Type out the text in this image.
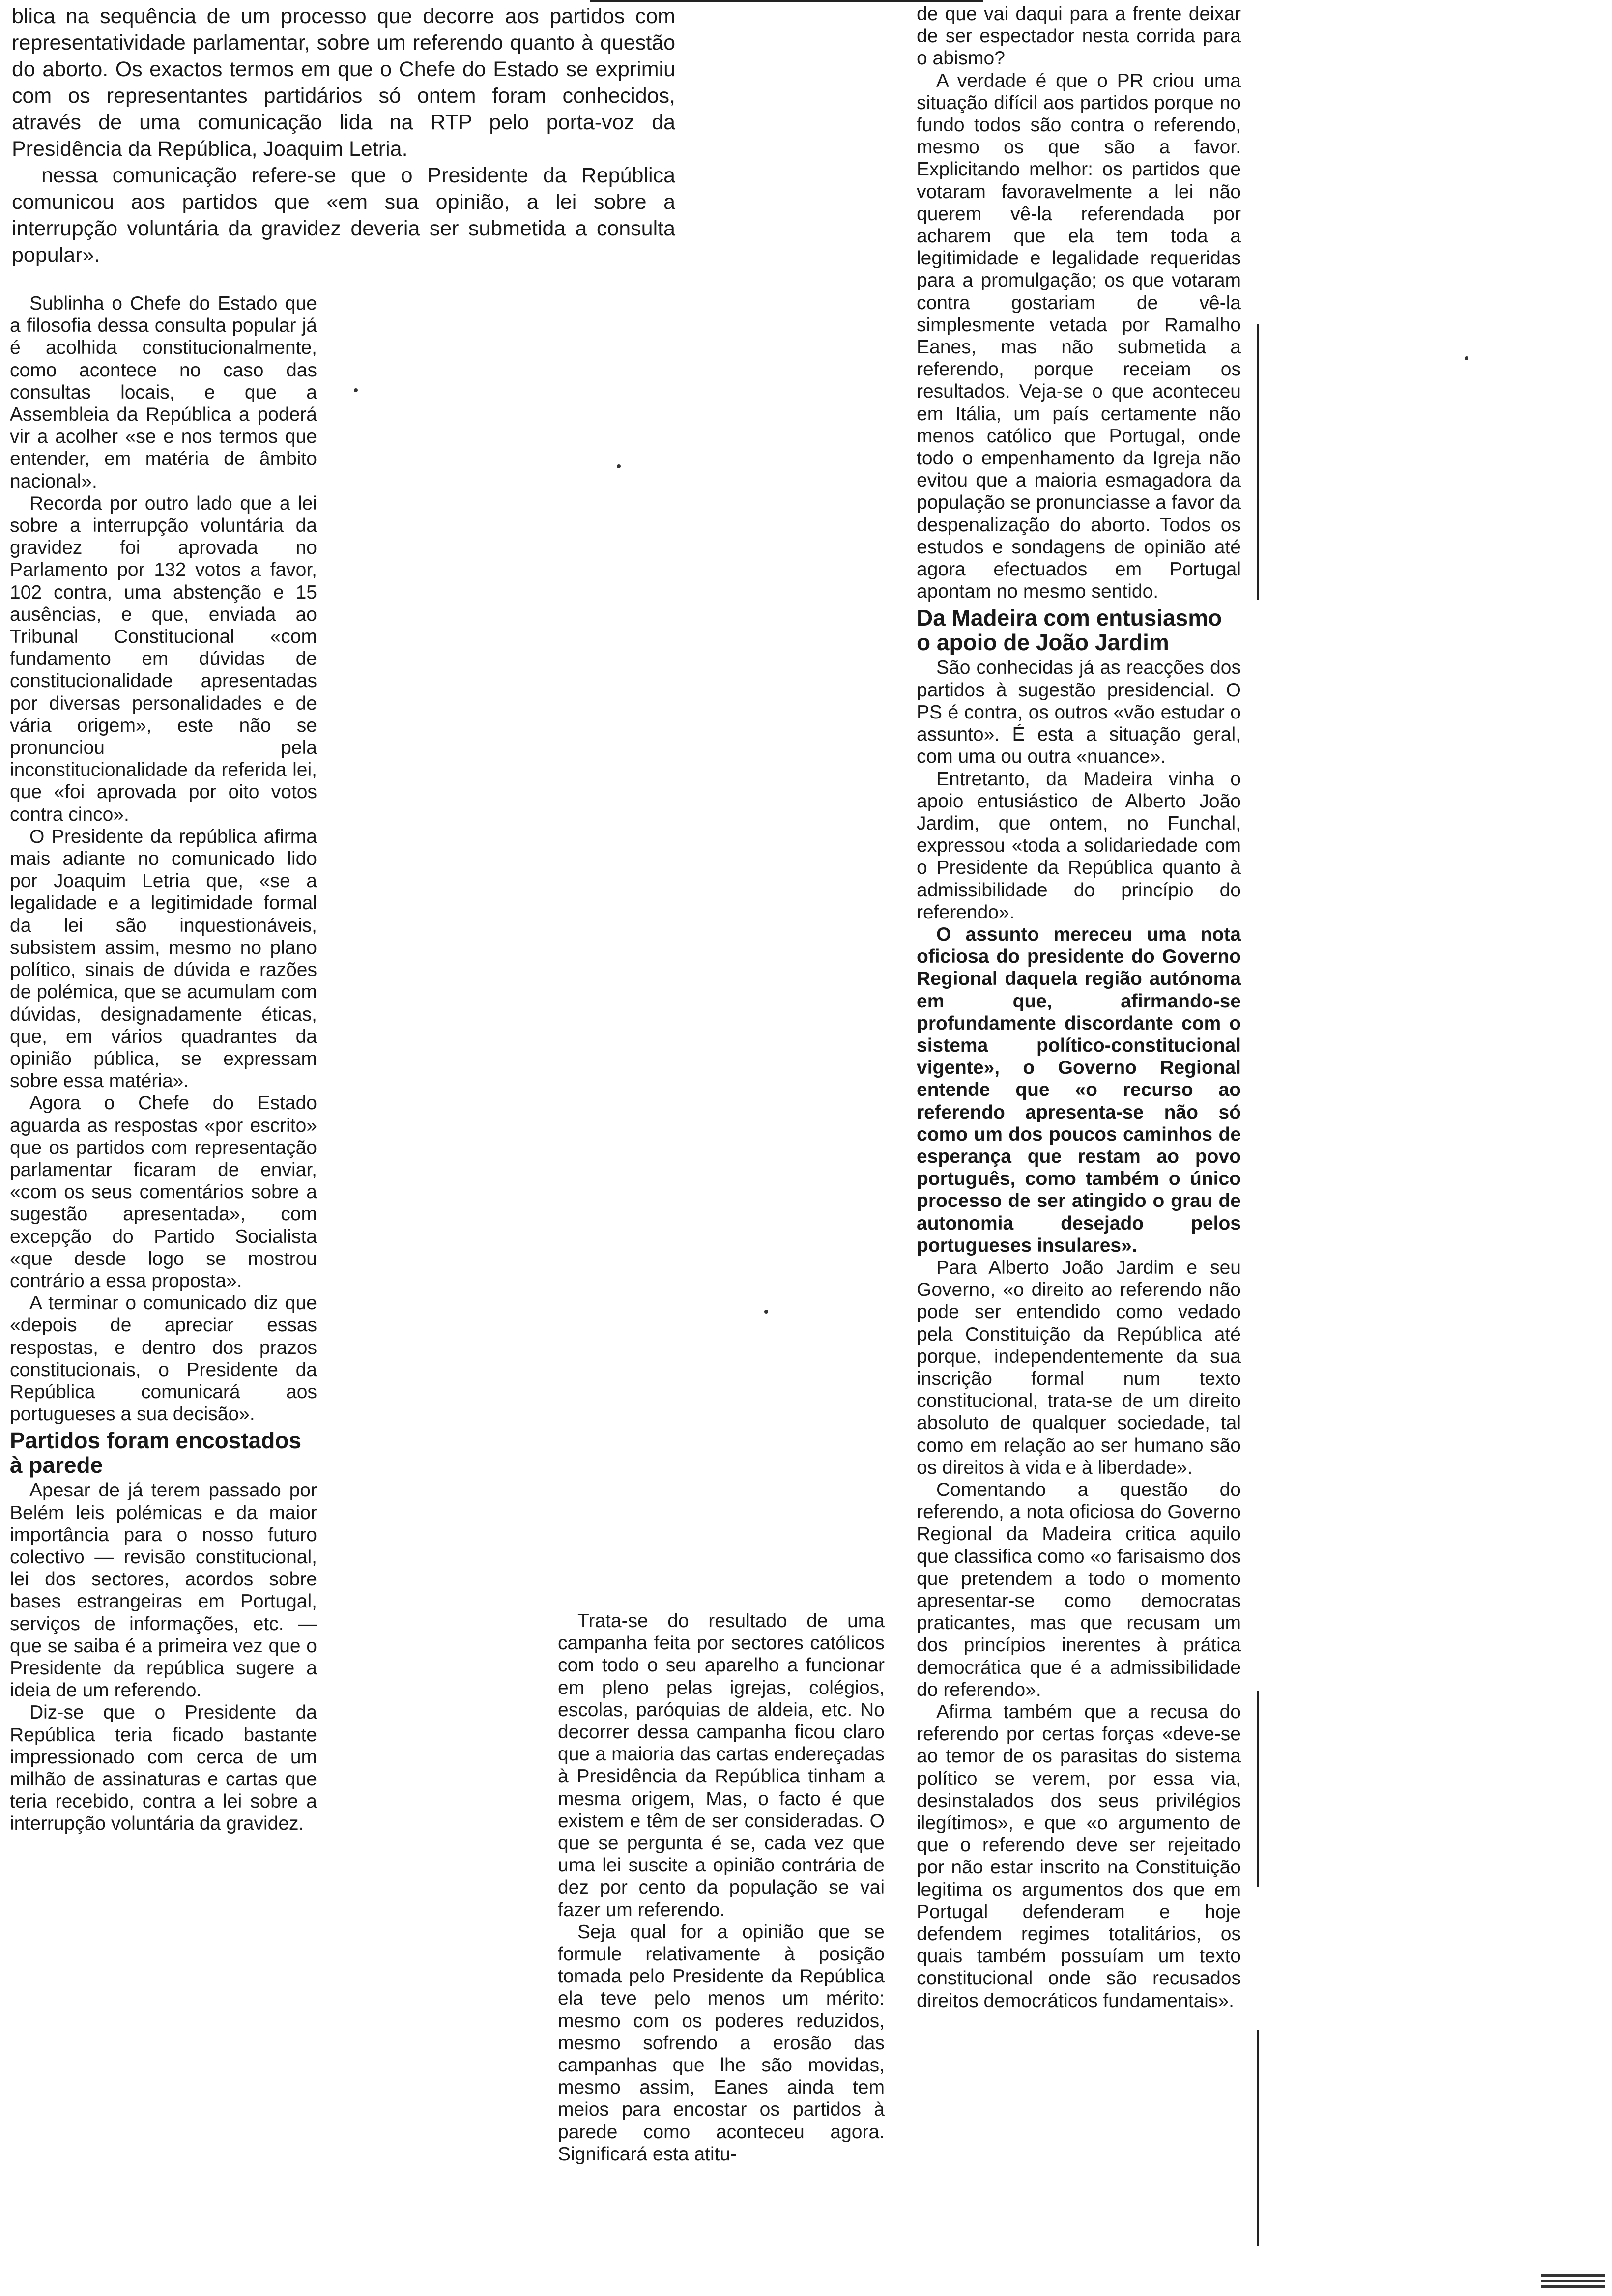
blica na sequência de um processo que decorre aos partidos com representatividade parlamentar, sobre um referendo quanto à questão do aborto. Os exactos termos em que o Chefe do Estado se exprimiu com os representantes partidários só ontem foram conhecidos, através de uma comunicação lida na RTP pelo porta-voz da Presidência da República, Joaquim Letria.

nessa comunicação refere-se que o Presidente da República comunicou aos partidos que «em sua opinião, a lei sobre a interrupção voluntária da gravidez deveria ser submetida a consulta popular».

Sublinha o Chefe do Estado que a filosofia dessa consulta popular já é acolhida constitucionalmente, como acontece no caso das consultas locais, e que a Assembleia da República a poderá vir a acolher «se e nos termos que entender, em matéria de âmbito nacional».

Recorda por outro lado que a lei sobre a interrupção voluntária da gravidez foi aprovada no Parlamento por 132 votos a favor, 102 contra, uma abstenção e 15 ausências, e que, enviada ao Tribunal Constitucional «com fundamento em dúvidas de constitucionalidade apresentadas por diversas personalidades e de vária origem», este não se pronunciou pela inconstitucionalidade da referida lei, que «foi aprovada por oito votos contra cinco».

O Presidente da república afirma mais adiante no comunicado lido por Joaquim Letria que, «se a legalidade e a legitimidade formal da lei são inquestionáveis, subsistem assim, mesmo no plano político, sinais de dúvida e razões de polémica, que se acumulam com dúvidas, designadamente éticas, que, em vários quadrantes da opinião pública, se expressam sobre essa matéria».

Agora o Chefe do Estado aguarda as respostas «por escrito» que os partidos com representação parlamentar ficaram de enviar, «com os seus comentários sobre a sugestão apresentada», com excepção do Partido Socialista «que desde logo se mostrou contrário a essa proposta».

A terminar o comunicado diz que «depois de apreciar essas respostas, e dentro dos prazos constitucionais, o Presidente da República comunicará aos portugueses a sua decisão».

Partidos foram encostados à parede

Apesar de já terem passado por Belém leis polémicas e da maior importância para o nosso futuro colectivo — revisão constitucional, lei dos sectores, acordos sobre bases estrangeiras em Portugal, serviços de informações, etc. — que se saiba é a primeira vez que o Presidente da república sugere a ideia de um referendo.

Diz-se que o Presidente da República teria ficado bastante impressionado com cerca de um milhão de assinaturas e cartas que teria recebido, contra a lei sobre a interrupção voluntária da gravidez.

Trata-se do resultado de uma campanha feita por sectores católicos com todo o seu aparelho a funcionar em pleno pelas igrejas, colégios, escolas, paróquias de aldeia, etc. No decorrer dessa campanha ficou claro que a maioria das cartas endereçadas à Presidência da República tinham a mesma origem, Mas, o facto é que existem e têm de ser consideradas. O que se pergunta é se, cada vez que uma lei suscite a opinião contrária de dez por cento da população se vai fazer um referendo.

Seja qual for a opinião que se formule relativamente à posição tomada pelo Presidente da República ela teve pelo menos um mérito: mesmo com os poderes reduzidos, mesmo sofrendo a erosão das campanhas que lhe são movidas, mesmo assim, Eanes ainda tem meios para encostar os partidos à parede como aconteceu agora. Significará esta atitu-

de que vai daqui para a frente deixar de ser espectador nesta corrida para o abismo?

A verdade é que o PR criou uma situação difícil aos partidos porque no fundo todos são contra o referendo, mesmo os que são a favor. Explicitando melhor: os partidos que votaram favoravelmente a lei não querem vê-la referendada por acharem que ela tem toda a legitimidade e legalidade requeridas para a promulgação; os que votaram contra gostariam de vê-la simplesmente vetada por Ramalho Eanes, mas não submetida a referendo, porque receiam os resultados. Veja-se o que aconteceu em Itália, um país certamente não menos católico que Portugal, onde todo o empenhamento da Igreja não evitou que a maioria esmagadora da população se pronunciasse a favor da despenalização do aborto. Todos os estudos e sondagens de opinião até agora efectuados em Portugal apontam no mesmo sentido.

Da Madeira com entusiasmo o apoio de João Jardim

São conhecidas já as reacções dos partidos à sugestão presidencial. O PS é contra, os outros «vão estudar o assunto». É esta a situação geral, com uma ou outra «nuance».

Entretanto, da Madeira vinha o apoio entusiástico de Alberto João Jardim, que ontem, no Funchal, expressou «toda a solidariedade com o Presidente da República quanto à admissibilidade do princípio do referendo».

O assunto mereceu uma nota oficiosa do presidente do Governo Regional daquela região autónoma em que, afirmando-se profundamente discordante com o sistema político-constitucional vigente», o Governo Regional entende que «o recurso ao referendo apresenta-se não só como um dos poucos caminhos de esperança que restam ao povo português, como também o único processo de ser atingido o grau de autonomia desejado pelos portugueses insulares».

Para Alberto João Jardim e seu Governo, «o direito ao referendo não pode ser entendido como vedado pela Constituição da República até porque, independentemente da sua inscrição formal num texto constitucional, trata-se de um direito absoluto de qualquer sociedade, tal como em relação ao ser humano são os direitos à vida e à liberdade».

Comentando a questão do referendo, a nota oficiosa do Governo Regional da Madeira critica aquilo que classifica como «o farisaismo dos que pretendem a todo o momento apresentar-se como democratas praticantes, mas que recusam um dos princípios inerentes à prática democrática que é a admissibilidade do referendo».

Afirma também que a recusa do referendo por certas forças «deve-se ao temor de os parasitas do sistema político se verem, por essa via, desinstalados dos seus privilégios ilegítimos», e que «o argumento de que o referendo deve ser rejeitado por não estar inscrito na Constituição legitima os argumentos dos que em Portugal defenderam e hoje defendem regimes totalitários, os quais também possuíam um texto constitucional onde são recusados direitos democráticos fundamentais».
